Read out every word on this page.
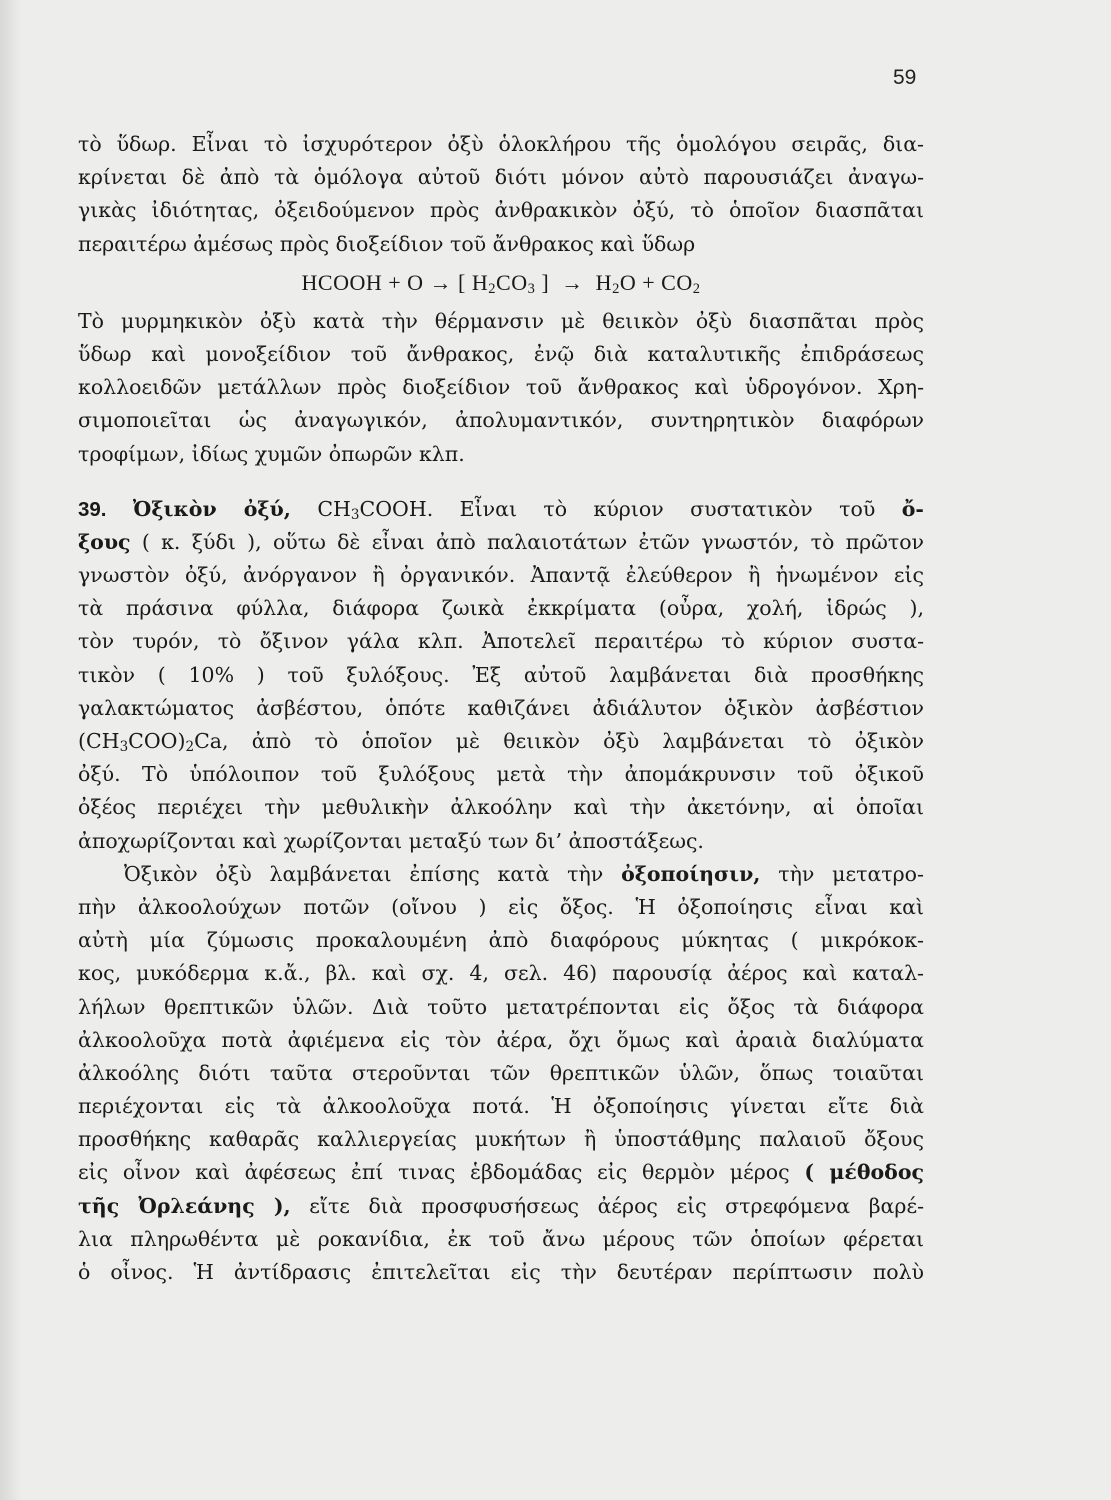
59
τὸ ὕδωρ. Εἶναι τὸ ἰσχυρότερον ὀξὺ ὁλοκλήρου τῆς ὁμολόγου σειρᾶς, δια-
κρίνεται δὲ ἀπὸ τὰ ὁμόλογα αὐτοῦ διότι μόνον αὐτὸ παρουσιάζει ἀναγω-
γικὰς ἰδιότητας, ὀξειδούμενον πρὸς ἀνθρακικὸν ὀξύ, τὸ ὁποῖον διασπᾶται
περαιτέρω ἀμέσως πρὸς διοξείδιον τοῦ ἄνθρακος καὶ ὕδωρ
HCOOH + O → [ $H_2CO_3$ ]  →  $H_2O + CO_2$
Τὸ μυρμηκικὸν ὀξὺ κατὰ τὴν θέρμανσιν μὲ θειικὸν ὀξὺ διασπᾶται πρὸς
ὕδωρ καὶ μονοξείδιον τοῦ ἄνθρακος, ἐνῷ διὰ καταλυτικῆς ἐπιδράσεως
κολλοειδῶν μετάλλων πρὸς διοξείδιον τοῦ ἄνθρακος καὶ ὑδρογόνον. Χρη-
σιμοποιεῖται ὡς ἀναγωγικόν, ἀπολυμαντικόν, συντηρητικὸν διαφόρων
τροφίμων, ἰδίως χυμῶν ὀπωρῶν κλπ.
39. Ὀξικὸν ὀξύ, $CH_3COOH$. Εἶναι τὸ κύριον συστατικὸν τοῦ ὄ-
ξους ( κ. ξύδι ), οὕτω δὲ εἶναι ἀπὸ παλαιοτάτων ἐτῶν γνωστόν, τὸ πρῶτον
γνωστὸν ὀξύ, ἀνόργανον ἢ ὀργανικόν. Ἀπαντᾷ ἐλεύθερον ἢ ἡνωμένον εἰς
τὰ πράσινα φύλλα, διάφορα ζωικὰ ἐκκρίματα (οὖρα, χολή, ἱδρώς ),
τὸν τυρόν, τὸ ὄξινον γάλα κλπ. Ἀποτελεῖ περαιτέρω τὸ κύριον συστα-
τικὸν ( 10% ) τοῦ ξυλόξους. Ἐξ αὐτοῦ λαμβάνεται διὰ προσθήκης
γαλακτώματος ἀσβέστου, ὁπότε καθιζάνει ἀδιάλυτον ὀξικὸν ἀσβέστιον
$(CH_3COO)_2Ca$, ἀπὸ τὸ ὁποῖον μὲ θειικὸν ὀξὺ λαμβάνεται τὸ ὀξικὸν
ὀξύ. Τὸ ὑπόλοιπον τοῦ ξυλόξους μετὰ τὴν ἀπομάκρυνσιν τοῦ ὀξικοῦ
ὀξέος περιέχει τὴν μεθυλικὴν ἀλκοόλην καὶ τὴν ἀκετόνην, αἱ ὁποῖαι
ἀποχωρίζονται καὶ χωρίζονται μεταξύ των δι’ ἀποστάξεως.
Ὀξικὸν ὀξὺ λαμβάνεται ἐπίσης κατὰ τὴν ὀξοποίησιν, τὴν μετατρο-
πὴν ἀλκοολούχων ποτῶν (οἴνου ) εἰς ὄξος. Ἡ ὀξοποίησις εἶναι καὶ
αὐτὴ μία ζύμωσις προκαλουμένη ἀπὸ διαφόρους μύκητας ( μικρόκοκ-
κος, μυκόδερμα κ.ἄ., βλ. καὶ σχ. 4, σελ. 46) παρουσίᾳ ἀέρος καὶ καταλ-
λήλων θρεπτικῶν ὑλῶν. Διὰ τοῦτο μετατρέπονται εἰς ὄξος τὰ διάφορα
ἀλκοολοῦχα ποτὰ ἀφιέμενα εἰς τὸν ἀέρα, ὄχι ὅμως καὶ ἀραιὰ διαλύματα
ἀλκοόλης διότι ταῦτα στεροῦνται τῶν θρεπτικῶν ὑλῶν, ὅπως τοιαῦται
περιέχονται εἰς τὰ ἀλκοολοῦχα ποτά. Ἡ ὀξοποίησις γίνεται εἴτε διὰ
προσθήκης καθαρᾶς καλλιεργείας μυκήτων ἢ ὑποστάθμης παλαιοῦ ὄξους
εἰς οἶνον καὶ ἀφέσεως ἐπί τινας ἑβδομάδας εἰς θερμὸν μέρος ( μέθοδος
τῆς Ὀρλεάνης ), εἴτε διὰ προσφυσήσεως ἀέρος εἰς στρεφόμενα βαρέ-
λια πληρωθέντα μὲ ροκανίδια, ἐκ τοῦ ἄνω μέρους τῶν ὁποίων φέρεται
ὁ οἶνος. Ἡ ἀντίδρασις ἐπιτελεῖται εἰς τὴν δευτέραν περίπτωσιν πολὺ
